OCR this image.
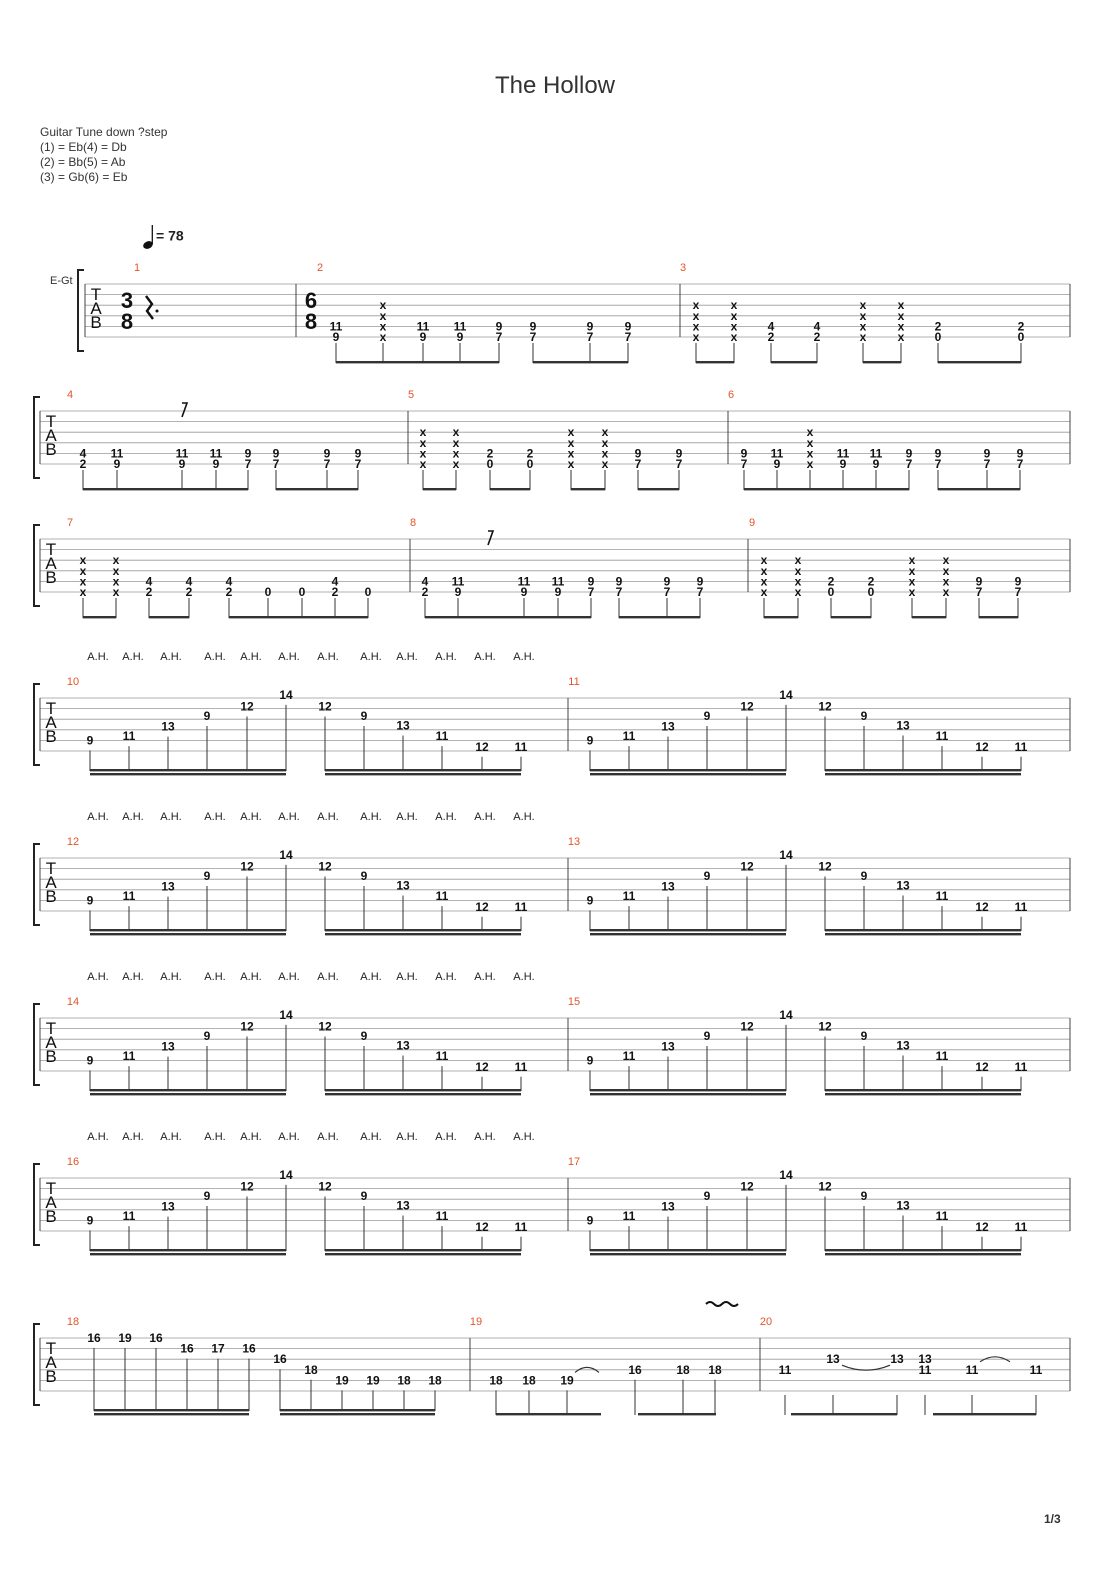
The Hollow
Guitar Tune down ?step
(1) = Eb(4) = Db
(2) = Bb(5) = Ab
(3) = Gb(6) = Eb
= 78
E-Gt
T
A
B
T
A
B
T
A
B
T
A
B
T
A
B
T
A
B
T
A
B
T
A
B
1	2	3
4	5	6
7	8	9
10	11
12	13
14	15
16	17
18	19	20
3
8
6
8 11
9
x
x
x
x
11
9
11
9
9
7
9
7
9
7
9
7
x
x
x
x
x
x
x
x
4
2
4
2
x
x
x
x
x
x
x
x
2
0
2
0
4
2
11
9
11
9
11
9
9
7
9
7
9
7
9
7
x
x
x
x
x
x
x
x
2
0
2
0
x
x
x
x
x
x
x
x
9
7
9
7
9
7
11
9
x
x
x
x
11
9
11
9
9
7
9
7
9
7
9
7
x
x
x
x
x
x
x
x
4
2
4
2
4
2	0 0
4
2 0
4
2
11
9
11
9
11
9
9
7
9
7
9
7
9
7
x
x
x
x
x
x
x
x
2
0
2
0
x
x
x
x
x
x
x
x
9
7
9
7
9 11
13
9
12
14
12
9
13
11
12 11	9 11
13
9
12
14
12
9
13
11
12 11
9 11
13
9
12
14
12
9
13
11
12 11	9 11
13
9
12
14
12
9
13
11
12 11
9 11
13
9
12
14
12
9
13
11
12 11	9 11
13
9
12
14
12
9
13
11
12 11
9 11
13
9
12
14
12
9
13
11
12 11	9 11
13
9
12
14
12
9
13
11
12 11
A.H. A.H. A.H. A.H. A.H. A.H. A.H. A.H. A.H. A.H. A.H. A.H.
A.H. A.H. A.H. A.H. A.H. A.H. A.H. A.H. A.H. A.H. A.H. A.H.
A.H. A.H. A.H. A.H. A.H. A.H. A.H. A.H. A.H. A.H. A.H. A.H.
A.H. A.H. A.H. A.H. A.H. A.H. A.H. A.H. A.H. A.H. A.H. A.H.
16 19 16
16 17 16
16
18
19 19 18 18	18 18 19
16	18 18	11
13	13 13
11	11	11
1/3
